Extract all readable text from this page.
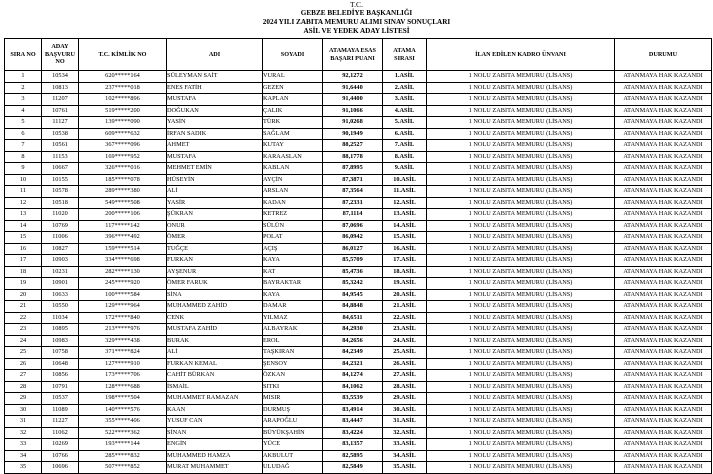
T.C.
GEBZE BELEDİYE BAŞKANLIĞI
2024 YILI ZABITA MEMURU ALIMI SINAV SONUÇLARI
ASİL VE YEDEK ADAY LİSTESİ
SIRA NO	ADAY BAŞVURU NO	T.C. KİMLİK NO	ADI	SOYADI	ATAMAYA ESAS BAŞARI PUANI	ATAMA SIRASI	İLAN EDİLEN KADRO ÜNVANI	DURUMU
1	10534	620*****164	SÜLEYMAN SAİT	VURAL	92,1272	1.ASİL	1 NOLU ZABITA MEMURU (LİSANS)	ATANMAYA HAK KAZANDI
2	10813	237*****018	ENES FATİH	GEZEN	91,6440	2.ASİL	1 NOLU ZABITA MEMURU (LİSANS)	ATANMAYA HAK KAZANDI
3	11207	102*****896	MUSTAFA	KAPLAN	91,4400	3.ASİL	1 NOLU ZABITA MEMURU (LİSANS)	ATANMAYA HAK KAZANDI
4	10761	519*****200	DOĞUKAN	ÇALIK	91,1066	4.ASİL	1 NOLU ZABITA MEMURU (LİSANS)	ATANMAYA HAK KAZANDI
5	11127	139*****090	YASİN	TÜRK	91,0268	5.ASİL	1 NOLU ZABITA MEMURU (LİSANS)	ATANMAYA HAK KAZANDI
6	10538	609*****632	İRFAN SADIK	SAĞLAM	90,1949	6.ASİL	1 NOLU ZABITA MEMURU (LİSANS)	ATANMAYA HAK KAZANDI
7	10561	367*****096	AHMET	KUTAY	88,2527	7.ASİL	1 NOLU ZABITA MEMURU (LİSANS)	ATANMAYA HAK KAZANDI
8	11153	169*****952	MUSTAFA	KARAASLAN	88,1778	8.ASİL	1 NOLU ZABITA MEMURU (LİSANS)	ATANMAYA HAK KAZANDI
9	10667	326*****016	MEHMET EMİN	KABLAN	87,8995	9.ASİL	1 NOLU ZABITA MEMURU (LİSANS)	ATANMAYA HAK KAZANDI
10	10155	185*****078	HÜSEYİN	AYÇİN	87,3871	10.ASİL	1 NOLU ZABITA MEMURU (LİSANS)	ATANMAYA HAK KAZANDI
11	10578	289*****380	ALİ	ARSLAN	87,3564	11.ASİL	1 NOLU ZABITA MEMURU (LİSANS)	ATANMAYA HAK KAZANDI
12	10518	549*****508	YASİR	KADAN	87,2331	12.ASİL	1 NOLU ZABITA MEMURU (LİSANS)	ATANMAYA HAK KAZANDI
13	11020	200*****106	ŞÜKRAN	KETREZ	87,1114	13.ASİL	1 NOLU ZABITA MEMURU (LİSANS)	ATANMAYA HAK KAZANDI
14	10769	117*****142	ONUR	SÜLÜN	87,0696	14.ASİL	1 NOLU ZABITA MEMURU (LİSANS)	ATANMAYA HAK KAZANDI
15	11006	396*****492	ÖMER	POLAT	86,0942	15.ASİL	1 NOLU ZABITA MEMURU (LİSANS)	ATANMAYA HAK KAZANDI
16	10827	159*****514	TUĞÇE	AÇIŞ	86,0127	16.ASİL	1 NOLU ZABITA MEMURU (LİSANS)	ATANMAYA HAK KAZANDI
17	10903	334*****698	FURKAN	KAYA	85,5709	17.ASİL	1 NOLU ZABITA MEMURU (LİSANS)	ATANMAYA HAK KAZANDI
18	10231	282*****130	AYŞENUR	KAT	85,4736	18.ASİL	1 NOLU ZABITA MEMURU (LİSANS)	ATANMAYA HAK KAZANDI
19	10901	245*****920	ÖMER FARUK	BAYRAKTAR	85,3242	19.ASİL	1 NOLU ZABITA MEMURU (LİSANS)	ATANMAYA HAK KAZANDI
20	10633	100*****584	SİNA	KAYA	84,9545	20.ASİL	1 NOLU ZABITA MEMURU (LİSANS)	ATANMAYA HAK KAZANDI
21	10550	129*****964	MUHAMMED ZAHİD	DAMAR	84,8848	21.ASİL	1 NOLU ZABITA MEMURU (LİSANS)	ATANMAYA HAK KAZANDI
22	11034	172*****840	CENK	YILMAZ	84,6511	22.ASİL	1 NOLU ZABITA MEMURU (LİSANS)	ATANMAYA HAK KAZANDI
23	10895	213*****976	MUSTAFA ZAHİD	ALBAYRAK	84,2930	23.ASİL	1 NOLU ZABITA MEMURU (LİSANS)	ATANMAYA HAK KAZANDI
24	10983	329*****438	BURAK	EROL	84,2656	24.ASİL	1 NOLU ZABITA MEMURU (LİSANS)	ATANMAYA HAK KAZANDI
25	10758	371*****824	ALİ	TAŞKIRAN	84,2349	25.ASİL	1 NOLU ZABITA MEMURU (LİSANS)	ATANMAYA HAK KAZANDI
26	10648	127*****910	FURKAN KEMAL	ŞENSOY	84,2321	26.ASİL	1 NOLU ZABITA MEMURU (LİSANS)	ATANMAYA HAK KAZANDI
27	10856	173*****706	CAHİT BÜRKAN	ÖZKAN	84,1274	27.ASİL	1 NOLU ZABITA MEMURU (LİSANS)	ATANMAYA HAK KAZANDI
28	10791	128*****688	İSMAİL	SITKI	84,1062	28.ASİL	1 NOLU ZABITA MEMURU (LİSANS)	ATANMAYA HAK KAZANDI
29	10537	198*****504	MUHAMMET RAMAZAN	MISIR	83,5539	29.ASİL	1 NOLU ZABITA MEMURU (LİSANS)	ATANMAYA HAK KAZANDI
30	11089	140*****576	KAAN	DURMUŞ	83,4914	30.ASİL	1 NOLU ZABITA MEMURU (LİSANS)	ATANMAYA HAK KAZANDI
31	11227	355*****406	YUSUF CAN	ARAPOĞLU	83,4447	31.ASİL	1 NOLU ZABITA MEMURU (LİSANS)	ATANMAYA HAK KAZANDI
32	11062	522*****362	SİNAN	BÜYÜKŞAHİN	83,4224	32.ASİL	1 NOLU ZABITA MEMURU (LİSANS)	ATANMAYA HAK KAZANDI
33	10269	193*****144	ENGİN	YÜCE	83,1357	33.ASİL	1 NOLU ZABITA MEMURU (LİSANS)	ATANMAYA HAK KAZANDI
34	10766	285*****832	MUHAMMED HAMZA	AKBULUT	82,5895	34.ASİL	1 NOLU ZABITA MEMURU (LİSANS)	ATANMAYA HAK KAZANDI
35	10696	507*****852	MURAT MUHAMMET	ULUDAĞ	82,5849	35.ASİL	1 NOLU ZABITA MEMURU (LİSANS)	ATANMAYA HAK KAZANDI
